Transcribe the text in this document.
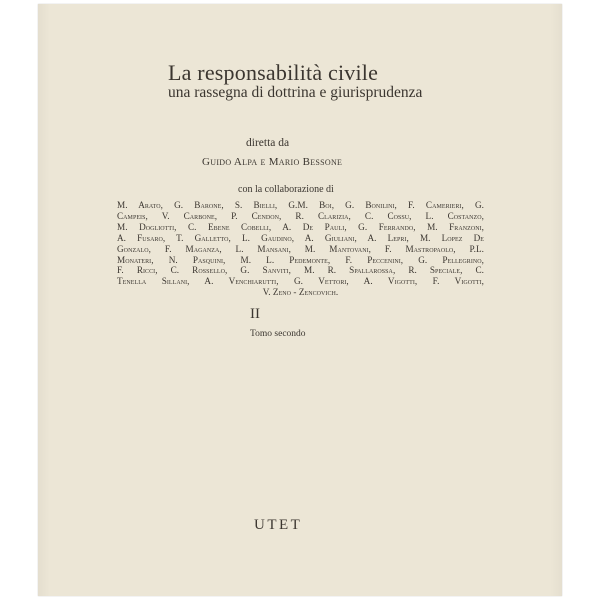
La responsabilità civile
una rassegna di dottrina e giurisprudenza
diretta da
Guido Alpa e Mario Bessone
con la collaborazione di
M. Arato, G. Barone, S. Bielli, G.M. Boi, G. Bonilini, F. Camerieri, G.
Campeis, V. Carbone, P. Cendon, R. Clarizia, C. Cossu, L. Costanzo,
M. Dogliotti, C. Ebene Cobelli, A. De Pauli, G. Ferrando, M. Franzoni,
A. Fusaro, T. Galletto, L. Gaudino, A. Giuliani, A. Lepri, M. Lopez De
Gonzalo, F. Maganza, L. Mansani, M. Mantovani, F. Mastropaolo, P.L.
Monateri, N. Pasquini, M. L. Pedemonte, F. Peccenini, G. Pellegrino,
F. Ricci, C. Rossello, G. Sanviti, M. R. Spallarossa, R. Speciale, C.
Tenella Sillani, A. Venchiarutti, G. Vettori, A. Vigotti, F. Vigotti,
V. Zeno - Zencovich.
II
Tomo secondo
UTET
